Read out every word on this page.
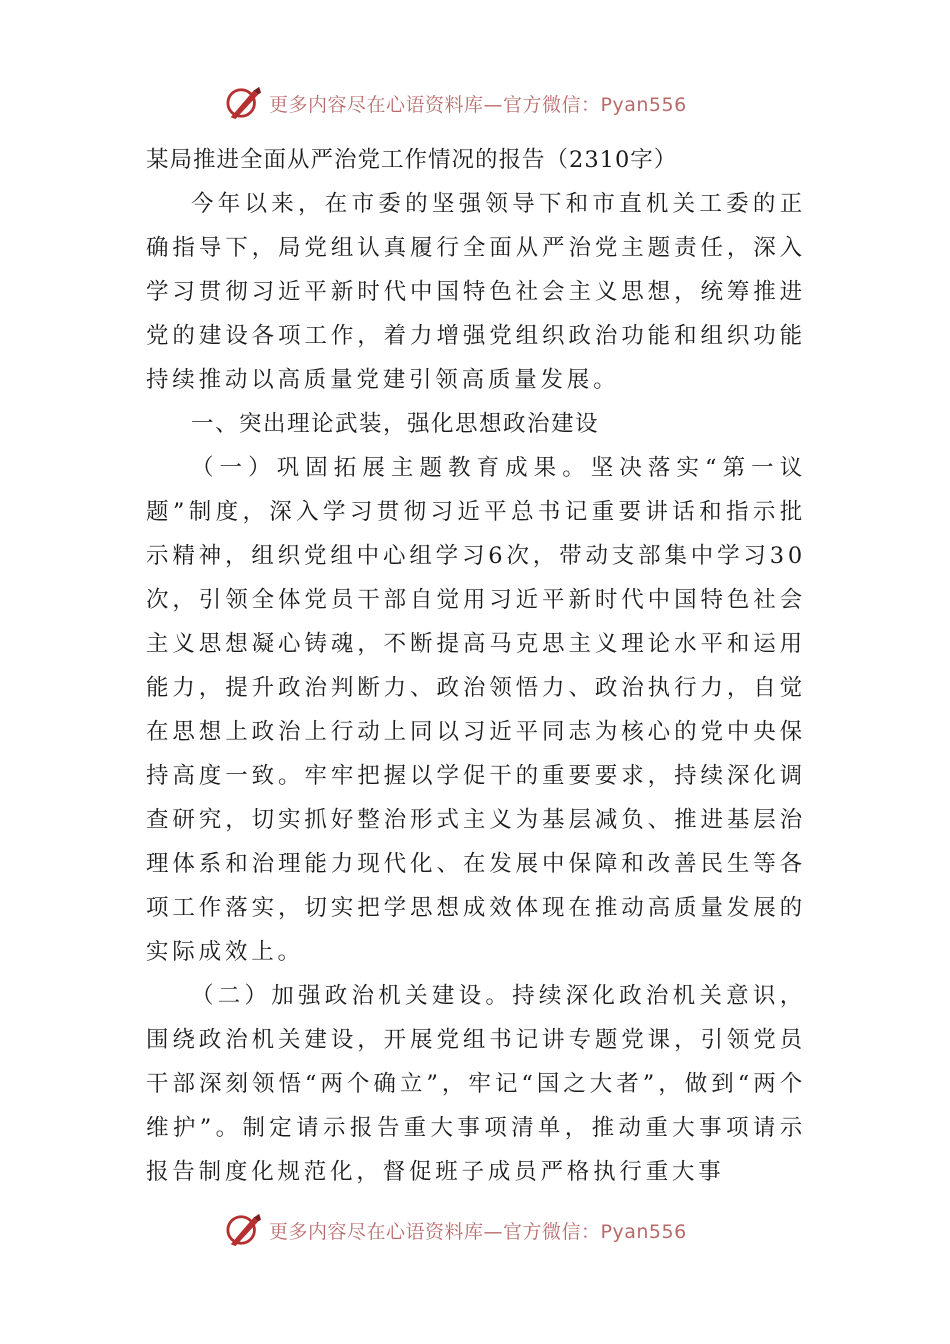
更多内容尽在心语资料库—官方微信：Pyan556

某局推进全面从严治党工作情况的报告（2310字）

今年以来，在市委的坚强领导下和市直机关工委的正确指导下，局党组认真履行全面从严治党主题责任，深入学习贯彻习近平新时代中国特色社会主义思想，统筹推进党的建设各项工作，着力增强党组织政治功能和组织功能持续推动以高质量党建引领高质量发展。

一、突出理论武装，强化思想政治建设

（一）巩固拓展主题教育成果。坚决落实“第一议题”制度，深入学习贯彻习近平总书记重要讲话和指示批示精神，组织党组中心组学习6次，带动支部集中学习30次，引领全体党员干部自觉用习近平新时代中国特色社会主义思想凝心铸魂，不断提高马克思主义理论水平和运用能力，提升政治判断力、政治领悟力、政治执行力，自觉在思想上政治上行动上同以习近平同志为核心的党中央保持高度一致。牢牢把握以学促干的重要要求，持续深化调查研究，切实抓好整治形式主义为基层减负、推进基层治理体系和治理能力现代化、在发展中保障和改善民生等各项工作落实，切实把学思想成效体现在推动高质量发展的实际成效上。

（二）加强政治机关建设。持续深化政治机关意识，围绕政治机关建设，开展党组书记讲专题党课，引领党员干部深刻领悟“两个确立”，牢记“国之大者”，做到“两个维护”。制定请示报告重大事项清单，推动重大事项请示报告制度化规范化，督促班子成员严格执行重大事

更多内容尽在心语资料库—官方微信：Pyan556
